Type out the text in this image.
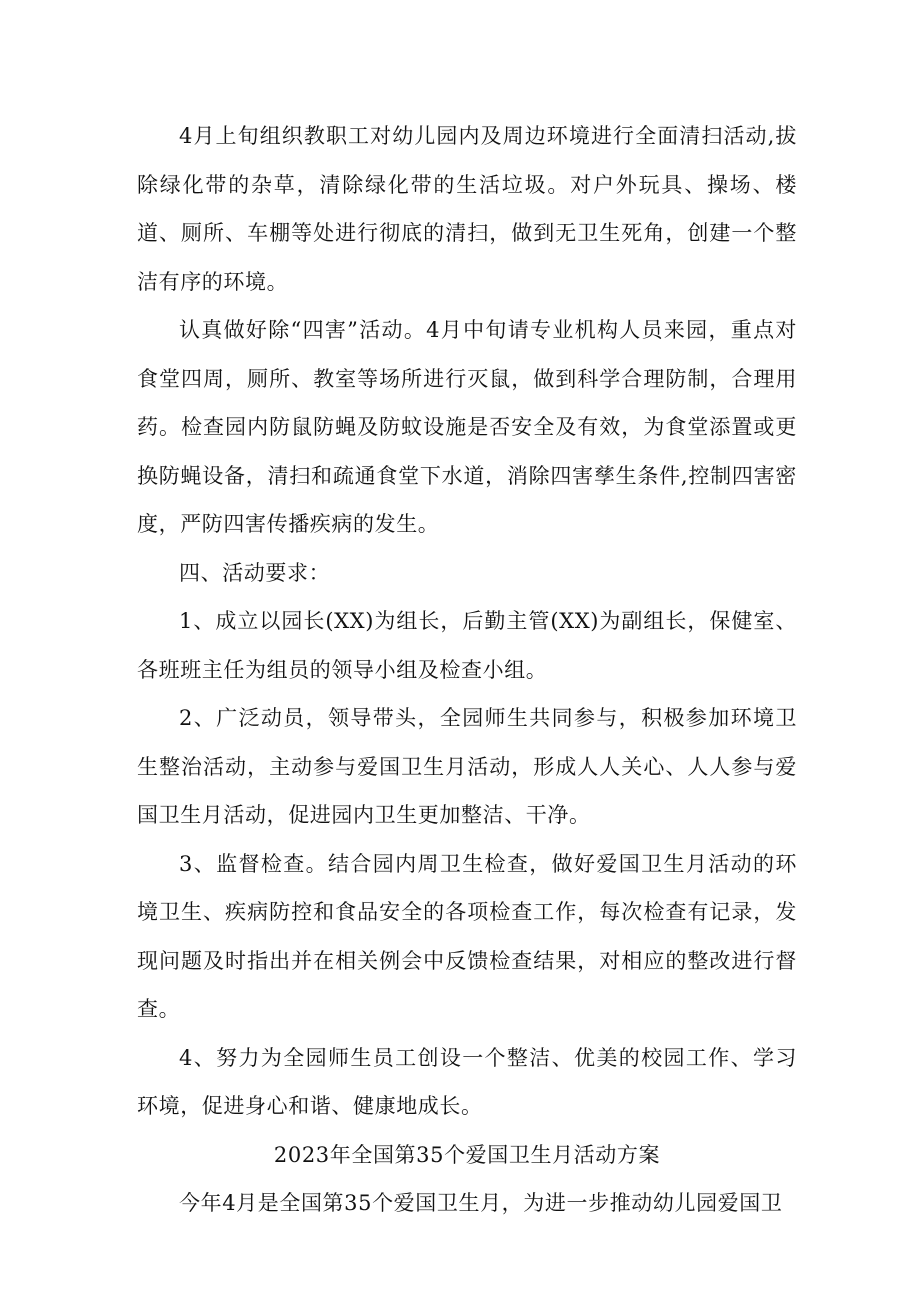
4月上旬组织教职工对幼儿园内及周边环境进行全面清扫活动,拔除绿化带的杂草，清除绿化带的生活垃圾。对户外玩具、操场、楼道、厕所、车棚等处进行彻底的清扫，做到无卫生死角，创建一个整洁有序的环境。

认真做好除“四害”活动。4月中旬请专业机构人员来园，重点对食堂四周，厕所、教室等场所进行灭鼠，做到科学合理防制，合理用药。检查园内防鼠防蝇及防蚊设施是否安全及有效，为食堂添置或更换防蝇设备，清扫和疏通食堂下水道，消除四害孳生条件,控制四害密度，严防四害传播疾病的发生。

四、活动要求：

1、成立以园长(XX)为组长，后勤主管(XX)为副组长，保健室、各班班主任为组员的领导小组及检查小组。

2、广泛动员，领导带头，全园师生共同参与，积极参加环境卫生整治活动，主动参与爱国卫生月活动，形成人人关心、人人参与爱国卫生月活动，促进园内卫生更加整洁、干净。

3、监督检查。结合园内周卫生检查，做好爱国卫生月活动的环境卫生、疾病防控和食品安全的各项检查工作，每次检查有记录，发现问题及时指出并在相关例会中反馈检查结果，对相应的整改进行督查。

4、努力为全园师生员工创设一个整洁、优美的校园工作、学习环境，促进身心和谐、健康地成长。

2023年全国第35个爱国卫生月活动方案

今年4月是全国第35个爱国卫生月，为进一步推动幼儿园爱国卫
